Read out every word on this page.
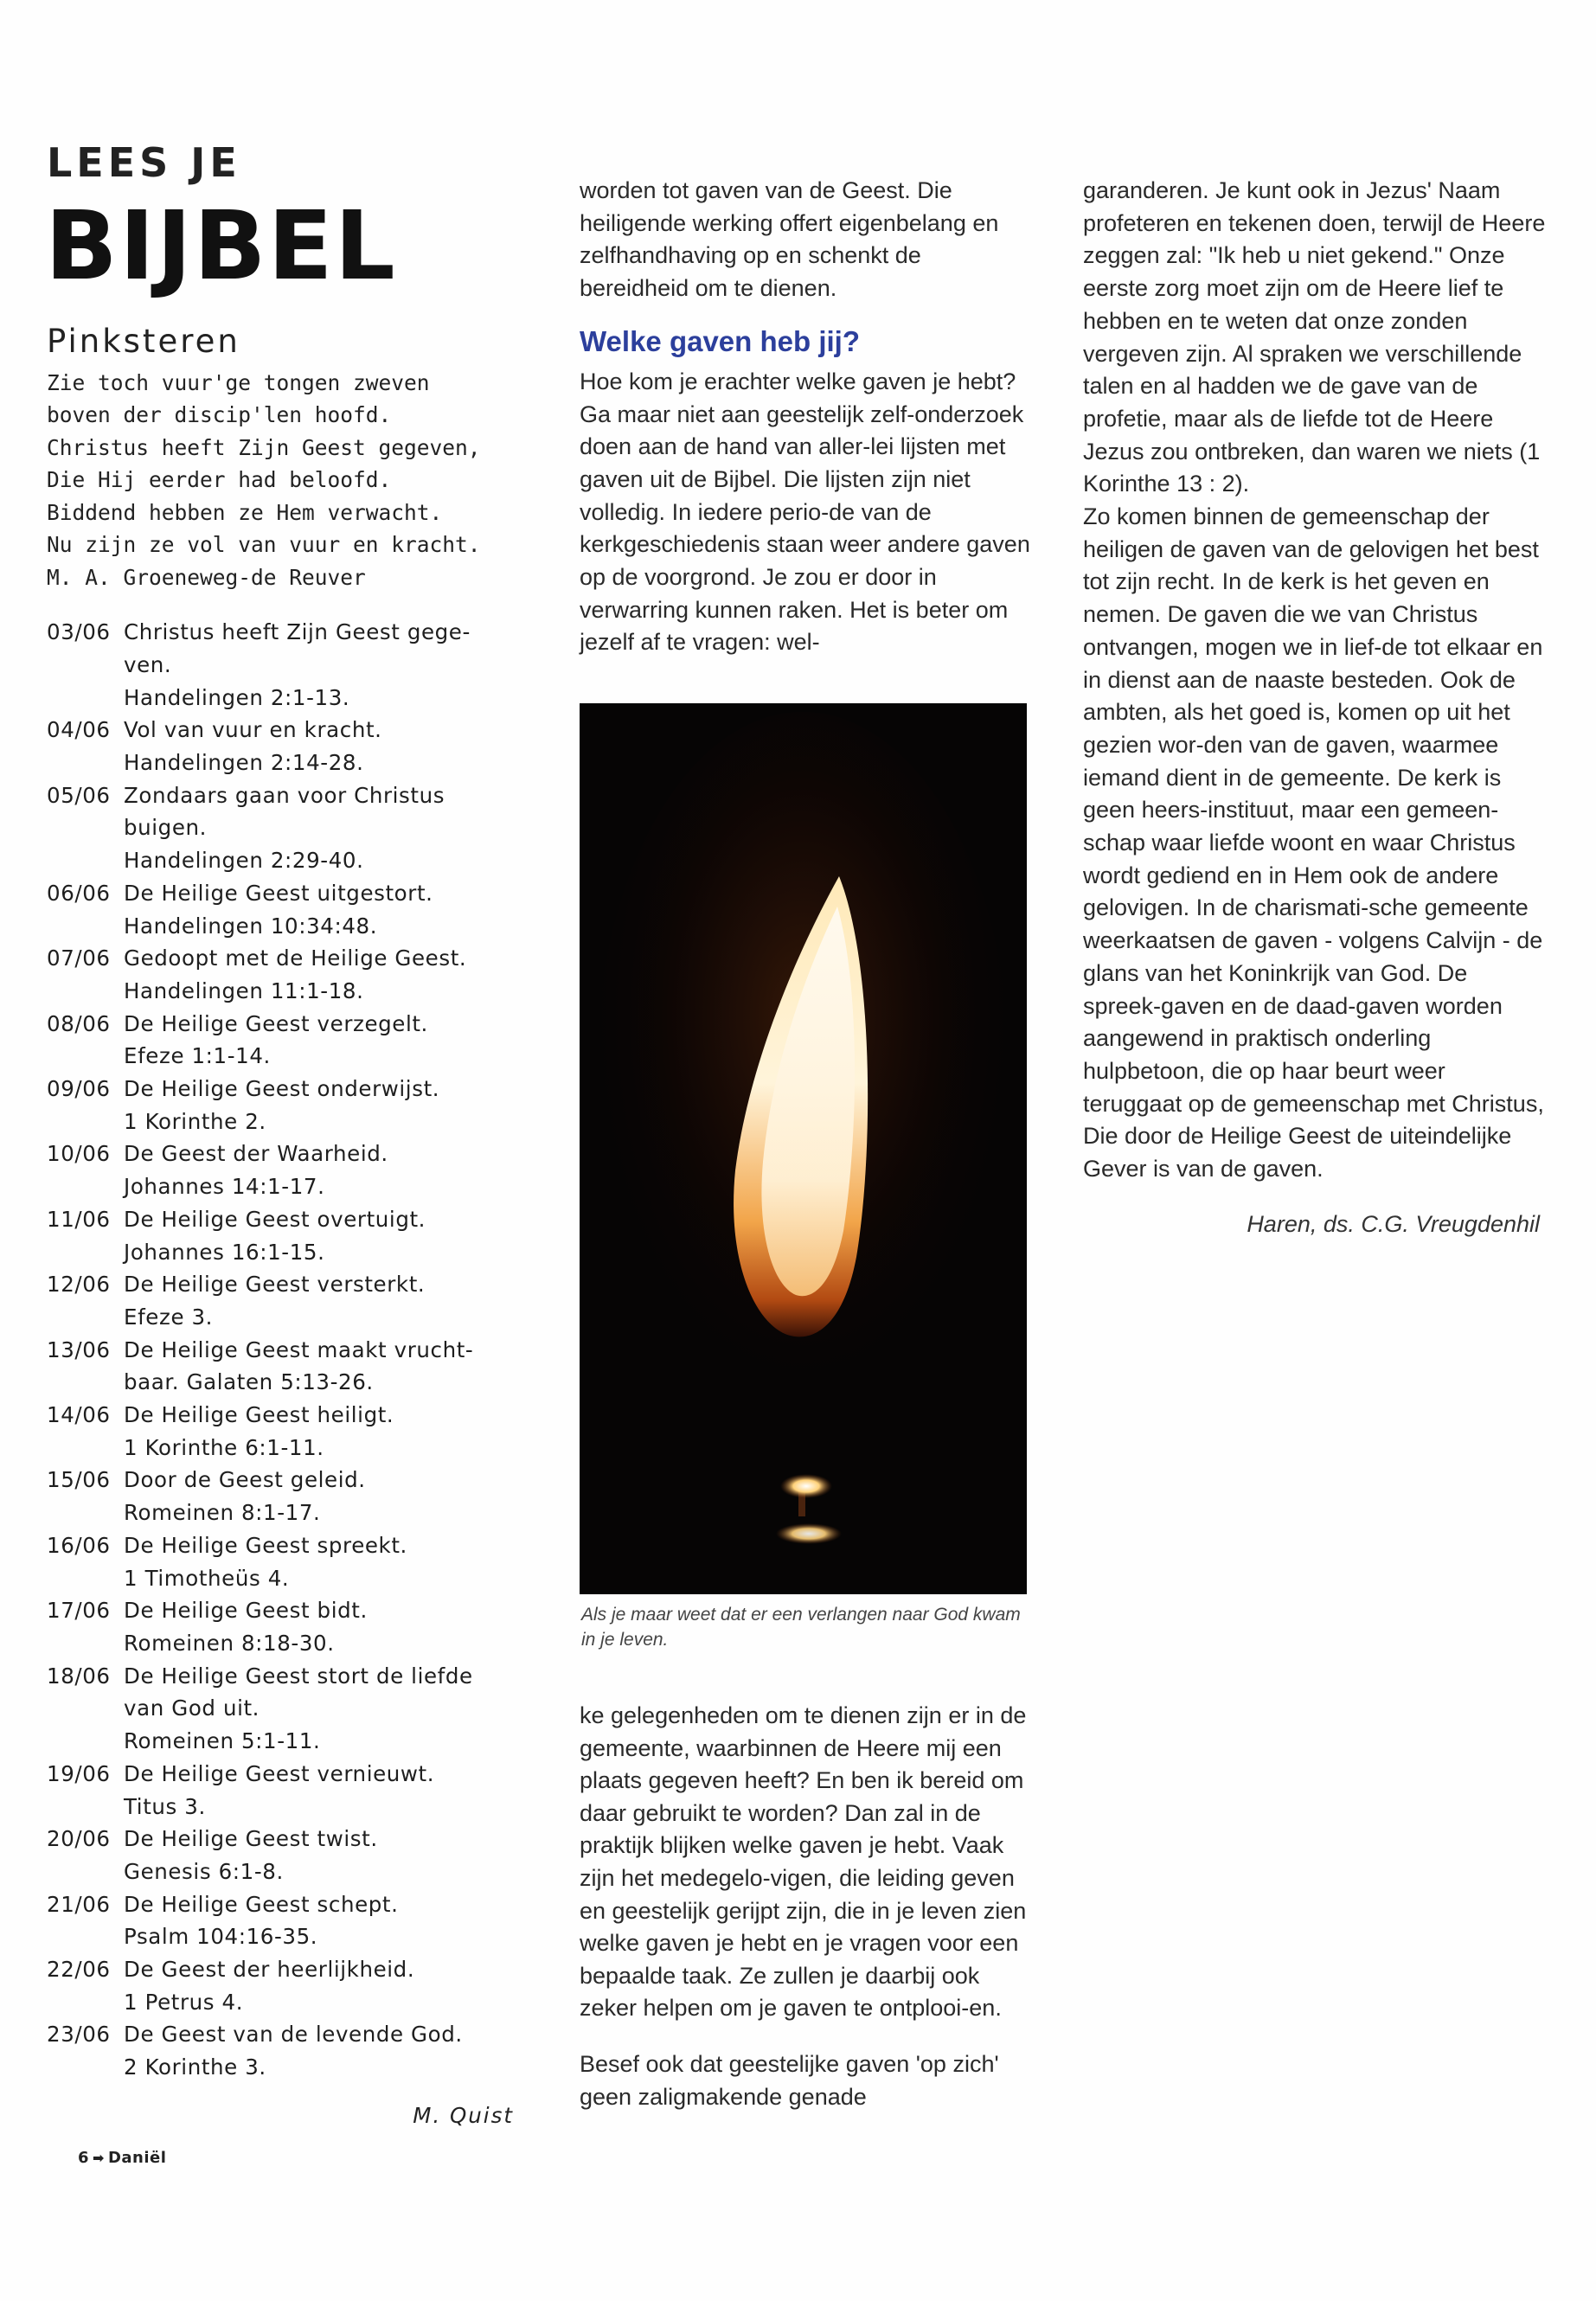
LEES JE
BIJBEL
Pinksteren
Zie toch vuur'ge tongen zweven
boven der discip'len hoofd.
Christus heeft Zijn Geest gegeven,
Die Hij eerder had beloofd.
Biddend hebben ze Hem verwacht.
Nu zijn ze vol van vuur en kracht.
M. A. Groeneweg-de Reuver
03/06 Christus heeft Zijn Geest gege-ven.
Handelingen 2:1-13.
04/06 Vol van vuur en kracht.
Handelingen 2:14-28.
05/06 Zondaars gaan voor Christus buigen.
Handelingen 2:29-40.
06/06 De Heilige Geest uitgestort.
Handelingen 10:34:48.
07/06 Gedoopt met de Heilige Geest.
Handelingen 11:1-18.
08/06 De Heilige Geest verzegelt.
Efeze 1:1-14.
09/06 De Heilige Geest onderwijst.
1 Korinthe 2.
10/06 De Geest der Waarheid.
Johannes 14:1-17.
11/06 De Heilige Geest overtuigt.
Johannes 16:1-15.
12/06 De Heilige Geest versterkt.
Efeze 3.
13/06 De Heilige Geest maakt vrucht-baar. Galaten 5:13-26.
14/06 De Heilige Geest heiligt.
1 Korinthe 6:1-11.
15/06 Door de Geest geleid.
Romeinen 8:1-17.
16/06 De Heilige Geest spreekt.
1 Timotheüs 4.
17/06 De Heilige Geest bidt.
Romeinen 8:18-30.
18/06 De Heilige Geest stort de liefde van God uit.
Romeinen 5:1-11.
19/06 De Heilige Geest vernieuwt.
Titus 3.
20/06 De Heilige Geest twist.
Genesis 6:1-8.
21/06 De Heilige Geest schept.
Psalm 104:16-35.
22/06 De Geest der heerlijkheid.
1 Petrus 4.
23/06 De Geest van de levende God.
2 Korinthe 3.
M. Quist
6 ➡ Daniël

worden tot gaven van de Geest. Die heiligende werking offert eigenbelang en zelfhandhaving op en schenkt de bereidheid om te dienen.

Welke gaven heb jij?

Hoe kom je erachter welke gaven je hebt? Ga maar niet aan geestelijk zelf-onderzoek doen aan de hand van aller-lei lijsten met gaven uit de Bijbel. Die lijsten zijn niet volledig. In iedere perio-de van de kerkgeschiedenis staan weer andere gaven op de voorgrond. Je zou er door in verwarring kunnen raken. Het is beter om jezelf af te vragen: wel-

Als je maar weet dat er een verlangen naar God kwam in je leven.

ke gelegenheden om te dienen zijn er in de gemeente, waarbinnen de Heere mij een plaats gegeven heeft? En ben ik bereid om daar gebruikt te worden? Dan zal in de praktijk blijken welke gaven je hebt. Vaak zijn het medegelo-vigen, die leiding geven en geestelijk gerijpt zijn, die in je leven zien welke gaven je hebt en je vragen voor een bepaalde taak. Ze zullen je daarbij ook zeker helpen om je gaven te ontplooi-en.

Besef ook dat geestelijke gaven 'op zich' geen zaligmakende genade

garanderen. Je kunt ook in Jezus' Naam profeteren en tekenen doen, terwijl de Heere zeggen zal: "Ik heb u niet gekend." Onze eerste zorg moet zijn om de Heere lief te hebben en te weten dat onze zonden vergeven zijn. Al spraken we verschillende talen en al hadden we de gave van de profetie, maar als de liefde tot de Heere Jezus zou ontbreken, dan waren we niets (1 Korinthe 13 : 2).

Zo komen binnen de gemeenschap der heiligen de gaven van de gelovigen het best tot zijn recht. In de kerk is het geven en nemen. De gaven die we van Christus ontvangen, mogen we in lief-de tot elkaar en in dienst aan de naaste besteden. Ook de ambten, als het goed is, komen op uit het gezien wor-den van de gaven, waarmee iemand dient in de gemeente. De kerk is geen heers-instituut, maar een gemeen-schap waar liefde woont en waar Christus wordt gediend en in Hem ook de andere gelovigen. In de charismati-sche gemeente weerkaatsen de gaven - volgens Calvijn - de glans van het Koninkrijk van God. De spreek-gaven en de daad-gaven worden aangewend in praktisch onderling hulpbetoon, die op haar beurt weer teruggaat op de gemeenschap met Christus, Die door de Heilige Geest de uiteindelijke Gever is van de gaven.

Haren, ds. C.G. Vreugdenhil
